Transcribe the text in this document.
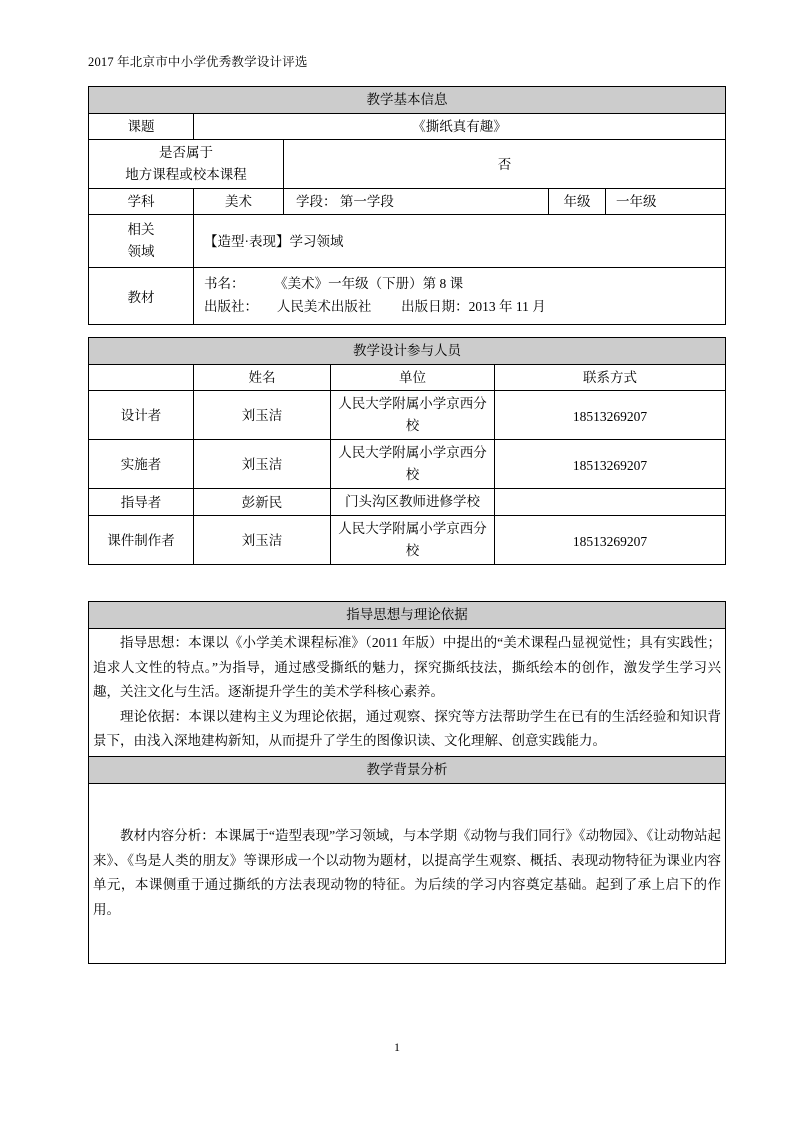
2017 年北京市中小学优秀教学设计评选
教学基本信息				
课题	《撕纸真有趣》			

是否属于
地方课程或校本课程		否		
学科	美术	学段： 第一学段	年级	一年级

相关
领域	【造型·表现】学习领域			
教材	书名： 《美术》一年级（下册）第 8 课
出版社： 人民美术出版社 出版日期：2013 年 11 月			
教学设计参与人员			
	姓名	单位	联系方式
设计者	刘玉洁	人民大学附属小学京西分校	18513269207
实施者	刘玉洁	人民大学附属小学京西分校	18513269207
指导者	彭新民	门头沟区教师进修学校	
课件制作者	刘玉洁	人民大学附属小学京西分校	18513269207
指导思想与理论依据

指导思想：本课以《小学美术课程标准》（2011 年版）中提出的“美术课程凸显视觉性；具有实践性；追求人文性的特点。”为指导，通过感受撕纸的魅力，探究撕纸技法，撕纸绘本的创作，激发学生学习兴趣，关注文化与生活。逐渐提升学生的美术学科核心素养。

理论依据：本课以建构主义为理论依据，通过观察、探究等方法帮助学生在已有的生活经验和知识背景下，由浅入深地建构新知，从而提升了学生的图像识读、文化理解、创意实践能力。

教学背景分析

教材内容分析：本课属于“造型表现”学习领域，与本学期《动物与我们同行》《动物园》、《让动物站起来》、《鸟是人类的朋友》等课形成一个以动物为题材，以提高学生观察、概括、表现动物特征为课业内容单元，本课侧重于通过撕纸的方法表现动物的特征。为后续的学习内容奠定基础。起到了承上启下的作用。

1
